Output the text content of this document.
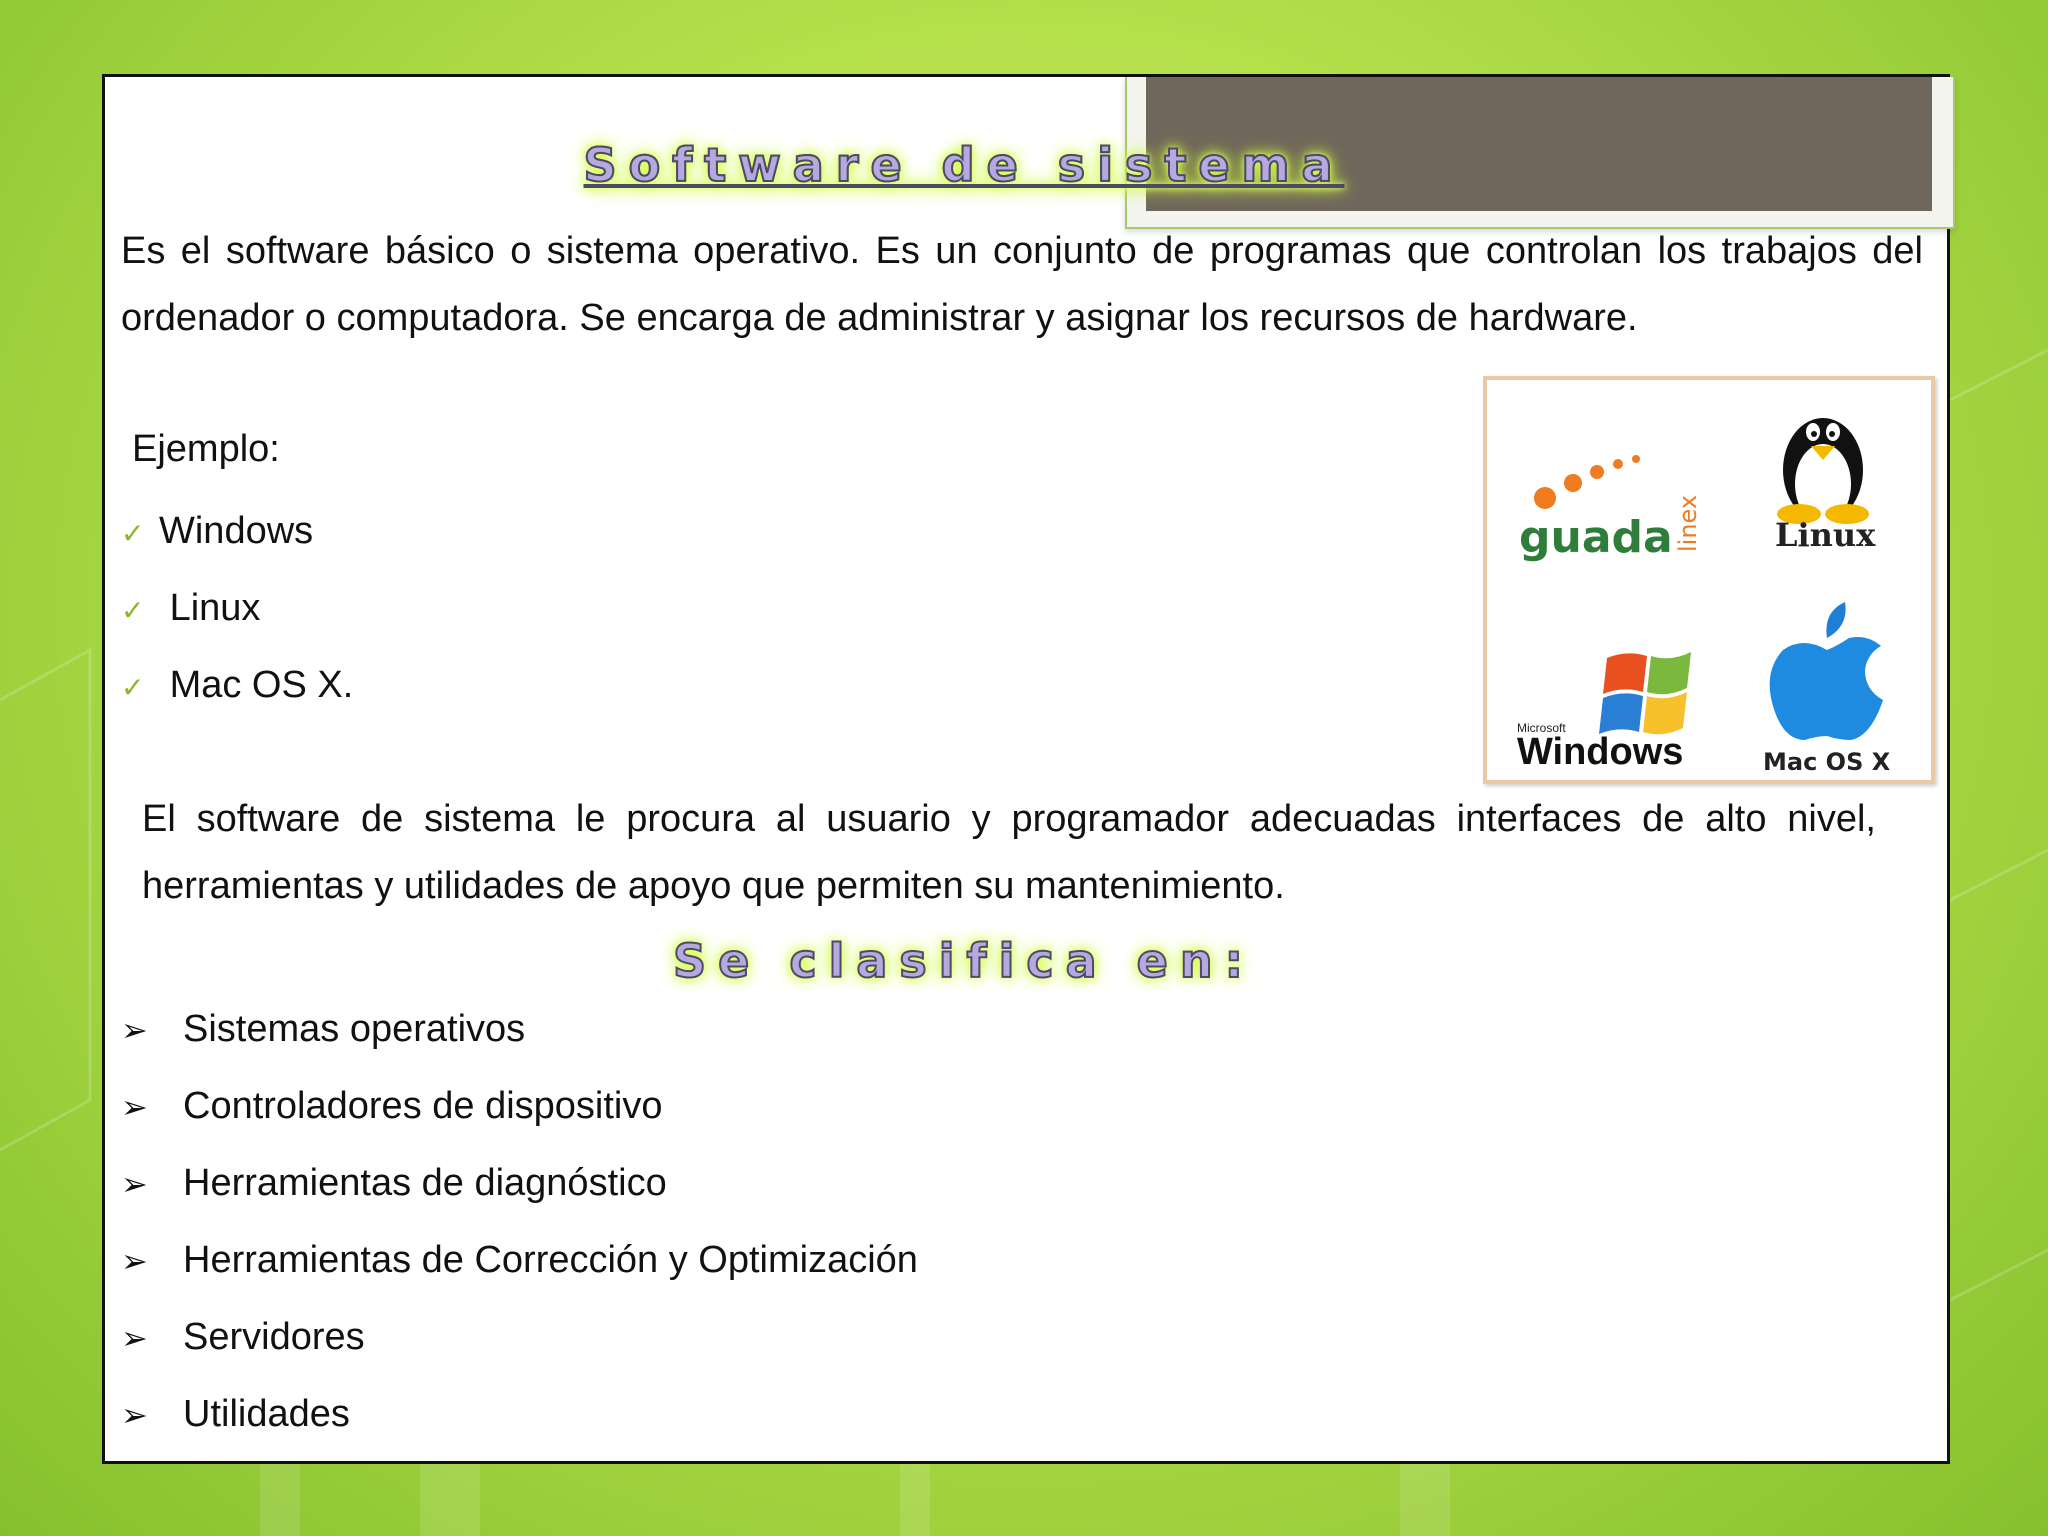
Software de sistema
Es el software básico o sistema operativo. Es un conjunto de programas que controlan los trabajos del ordenador o computadora. Se encarga de administrar y asignar los recursos de hardware.
Ejemplo:
✓ Windows
✓ Linux
✓ Mac OS X.
guada linex Linux
Microsoft
Windows	Mac OS X
El software de sistema le procura al usuario y programador adecuadas interfaces de alto nivel, herramientas y utilidades de apoyo que permiten su mantenimiento.
Se clasifica en:
➢ Sistemas operativos
➢ Controladores de dispositivo
➢ Herramientas de diagnóstico
➢ Herramientas de Corrección y Optimización
➢ Servidores
➢ Utilidades
